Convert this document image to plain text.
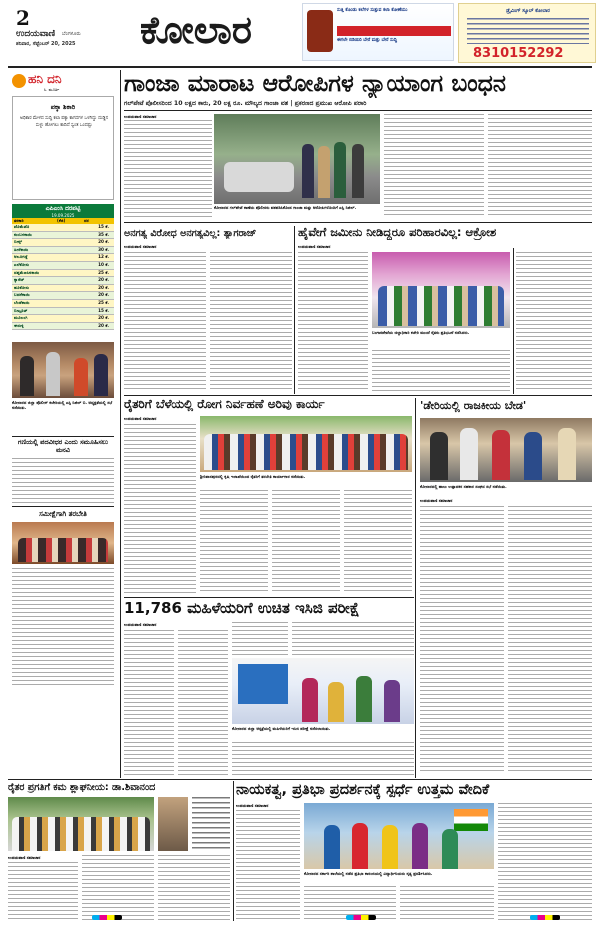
2
ಉದಯವಾಣಿ ಬೆಂಗಳೂರು
ಶನಿವಾರ, ಸೆಪ್ಟೆಂಬರ್ 20, 2025 ಕೋಲಾರ	ಸುತ್ತಿ ಕೊಂಡು ಕಲೆಗಳ ಸುತ್ತುವ ಕಲಾ ಕೋಣೆಯು
ಈಗಲೇ ಬಿಡಿಯಿರಿ ಬೇರೆ ಮತ್ತು ಬೇರೆ ಸುದ್ದಿ
ಡ್ರೈವಿಂಗ್ ಸ್ಕೂಲ್ ಕೋಲಾರ
8310152292
ಹನಿ ದನಿ
ಸಿ. ಮೂರ್ತಿ
ಪಕ್ಕಾ ಶಿಕಾರಿ
ಅಧಿಕಾರ ಮೇಳದ ಸುದ್ದಿ ಕಲಾ ಪಕ್ಕಾ ಕಾಗದಗಳ ಒಳಗಿದ್ದು ದುಡ್ಡಿನ ಸುಳ್ಳು ಹೋಗಲು ಕಾದಿದೆ ಸ್ವಂತ ಒಂದಷ್ಟು
ಎಪಿಎಂಸಿ ದರಪಟ್ಟಿ
19.09.2025
ತರಕಾರಿ	(ಕೆಜಿ)	ದರ
ಟೊಮೆಟೊ	15 ಕೆ.
ಕುಂಬಳಕಾಯಿ	35 ಕೆ.
ಬೀನ್ಸ್	20 ಕೆ.
ಹೀರೆಕಾಯಿ	30 ಕೆ.
ಆಲೂಗಡ್ಡೆ	12 ಕೆ.
ಎಲೆಕೋಸು	10 ಕೆ.
ದಪ್ಪಮೆಣಸಿನಕಾಯಿ	25 ಕೆ.
ಕ್ಯಾರೆಟ್	20 ಕೆ.
ಹೂಕೋಸು	20 ಕೆ.
ಬದನೆಕಾಯಿ	20 ಕೆ.
ಬೆಂಡೆಕಾಯಿ	25 ಕೆ.
ಬೀಟ್ರೂಟ್	15 ಕೆ.
ಮೂಲಂಗಿ	20 ಕೆ.
ಈರುಳ್ಳಿ	20 ಕೆ.
ಕೋಲಾರದ ಜಿಲ್ಲಾ ಪೊಲೀಸ್ ಕಚೇರಿಯಲ್ಲಿ ಎಸ್ಪಿ ನಿಖಿಲ್ ಬಿ. ಅಧ್ಯಕ್ಷತೆಯಲ್ಲಿ ಸಭೆ ನಡೆಯಿತು.
ಗಣಿಯಲ್ಲಿ ಪದವೀಧರ ಎಂದು ಸಮೂಹಿಸಲು ಮನವಿ
ಸಮೀಕ್ಷೆಗಾಗಿ ತರಬೇತಿ
ಗಾಂಜಾ ಮಾರಾಟ ಆರೋಪಿಗಳ ನ್ಯಾಯಾಂಗ ಬಂಧನ
ಗಲ್‌ಪೇಟೆ ಪೊಲೀಸರಿಂದ 10 ಲಕ್ಷದ ಕಾರು, 20 ಲಕ್ಷ ರೂ. ಮೌಲ್ಯದ ಗಾಂಜಾ ವಶ | ಪ್ರಕರಣದ ಪ್ರಮುಖ ಆರೋಪಿ ಪರಾರಿ
ಉದಯವಾಣಿ ಸಮಾಚಾರ
ಕೋಲಾರದ ಗಲ್‌ಪೇಟೆ ಠಾಣೆಯ ಪೊಲೀಸರು ವಶಪಡಿಸಿಕೊಂಡ ಗಾಂಜಾ ಮತ್ತು ಆರೋಪಿಗಳೊಂದಿಗೆ ಎಸ್ಪಿ ನಿಖಿಲ್.
ಅನಗತ್ಯ ವಿರೋಧ ಅನಗತ್ಯವಿಲ್ಲ: ತ್ಯಾಗರಾಜ್
ಉದಯವಾಣಿ ಸಮಾಚಾರ
ಹೈವೇಗೆ ಜಮೀನು ನೀಡಿದ್ದರೂ ಪರಿಹಾರವಿಲ್ಲ: ಆಕ್ರೋಶ
ಉದಯವಾಣಿ ಸಮಾಚಾರ
ಬಂಗಾರಪೇಟೆಯ ಜಿಲ್ಲಾಧಿಕಾರಿ ಕಚೇರಿ ಮುಂದೆ ರೈತರು ಪ್ರತಿಭಟನೆ ನಡೆಸಿದರು.
ರೈತರಿಗೆ ಬೆಳೆಯಲ್ಲಿ ರೋಗ ನಿರ್ವಹಣೆ ಅರಿವು ಕಾರ್ಯ
ಶ್ರೀನಿವಾಸಪುರದಲ್ಲಿ ಕೃಷಿ ಇಲಾಖೆಯಿಂದ ರೈತರಿಗೆ ತರಬೇತಿ ಕಾರ್ಯಾಗಾರ ನಡೆಯಿತು.
ಉದಯವಾಣಿ ಸಮಾಚಾರ
'ಡೇರಿಯಲ್ಲಿ ರಾಜಕೀಯ ಬೇಡ'
ಕೋಲಾರದಲ್ಲಿ ಹಾಲು ಉತ್ಪಾದಕರ ಸಹಕಾರ ಸಂಘದ ಸಭೆ ನಡೆಯಿತು.
ಉದಯವಾಣಿ ಸಮಾಚಾರ
11,786 ಮಹಿಳೆಯರಿಗೆ ಉಚಿತ ಇಸಿಜಿ ಪರೀಕ್ಷೆ
ಉದಯವಾಣಿ ಸಮಾಚಾರ
ಕೋಲಾರದ ಜಿಲ್ಲಾ ಆಸ್ಪತ್ರೆಯಲ್ಲಿ ಮಹಿಳೆಯರಿಗೆ ಇಸಿಜಿ ಪರೀಕ್ಷೆ ನಡೆಸಲಾಯಿತು.
ರೈತರ ಪ್ರಗತಿಗೆ ಕಮ ಶ್ಲಾಘನೀಯ: ಡಾ.ಶಿವಾನಂದ
ಉದಯವಾಣಿ ಸಮಾಚಾರ
ನಾಯಕತ್ವ, ಪ್ರತಿಭಾ ಪ್ರದರ್ಶನಕ್ಕೆ ಸ್ಪರ್ಧೆ ಉತ್ತಮ ವೇದಿಕೆ
ಉದಯವಾಣಿ ಸಮಾಚಾರ
ಕೋಲಾರದ ಸರ್ಕಾರಿ ಶಾಲೆಯಲ್ಲಿ ನಡೆದ ಪ್ರತಿಭಾ ಕಾರಂಜಿಯಲ್ಲಿ ವಿದ್ಯಾರ್ಥಿನಿಯರು ನೃತ್ಯ ಪ್ರದರ್ಶಿಸಿದರು.
